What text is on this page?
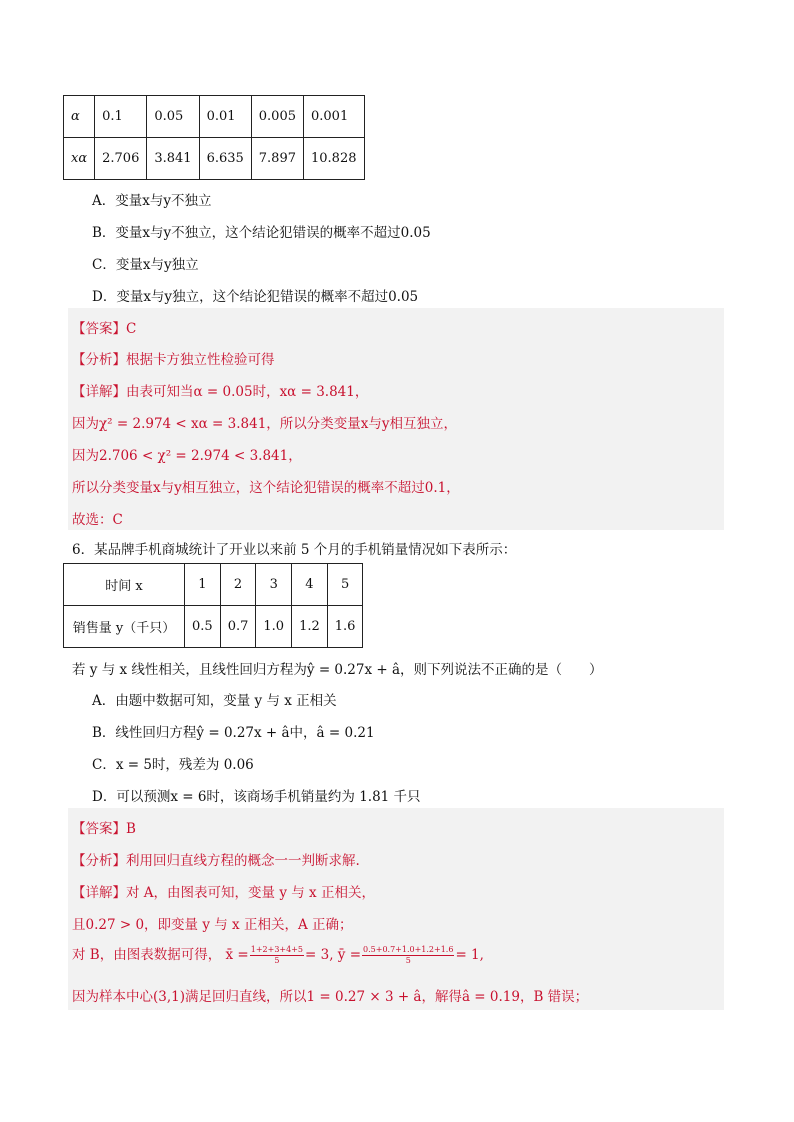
α	0.1	0.05	0.01	0.005	0.001
xα	2.706	3.841	6.635	7.897	10.828
A．变量x与y不独立
B．变量x与y不独立，这个结论犯错误的概率不超过0.05
C．变量x与y独立
D．变量x与y独立，这个结论犯错误的概率不超过0.05
【答案】C
【分析】根据卡方独立性检验可得
【详解】由表可知当α = 0.05时，xα = 3.841，
因为χ² = 2.974 < xα = 3.841，所以分类变量x与y相互独立，
因为2.706 < χ² = 2.974 < 3.841，
所以分类变量x与y相互独立，这个结论犯错误的概率不超过0.1，
故选：C
6．某品牌手机商城统计了开业以来前 5 个月的手机销量情况如下表所示：
时间 x	1	2	3	4	5
销售量 y（千只）	0.5	0.7	1.0	1.2	1.6
若 y 与 x 线性相关，且线性回归方程为ŷ = 0.27x + â，则下列说法不正确的是（　　）
A．由题中数据可知，变量 y 与 x 正相关
B．线性回归方程ŷ = 0.27x + â中，â = 0.21
C．x = 5时，残差为 0.06
D．可以预测x = 6时，该商场手机销量约为 1.81 千只
【答案】B
【分析】利用回归直线方程的概念一一判断求解.
【详解】对 A，由图表可知，变量 y 与 x 正相关，
且0.27 > 0，即变量 y 与 x 正相关，A 正确；
对 B，由图表数据可得， x̄ = $\frac{1+2+3+4+5}{5} = 3$, ȳ = $\frac{0.5+0.7+1.0+1.2+1.6}{5} = 1$,
因为样本中心(3,1)满足回归直线，所以1 = 0.27 × 3 + â，解得â = 0.19，B 错误；
